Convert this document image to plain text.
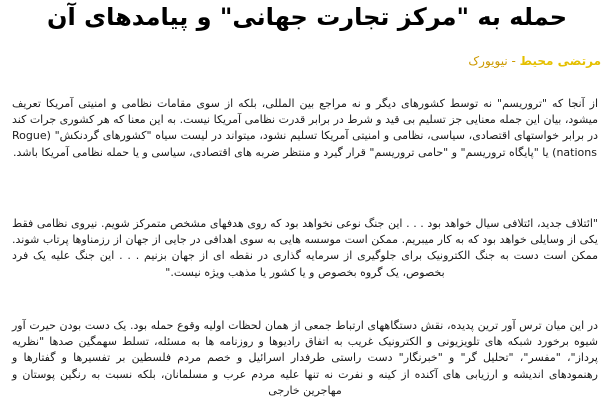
حمله به "مرکز تجارت جهانی" و پیامدهای آن
مرتضی محیط - نیویورک

از آنجا که "تروریسم" نه توسط کشورهای دیگر و نه مراجع بین المللی، بلکه از سوی مقامات نظامی و امنیتی آمریکا تعریف میشود، بیان این جمله معنایی جز تسلیم بی قید و شرط در برابر قدرت نظامی آمریکا نیست. به این معنا که هر کشوری جرات کند در برابر خواستهای اقتصادی، سیاسی، نظامی و امنیتی آمریکا تسلیم نشود، میتواند در لیست سیاه "کشورهای گردنکش" (Rogue nations) یا "پایگاه تروریسم" و "حامی تروریسم" قرار گیرد و منتظر ضربه های اقتصادی، سیاسی و یا حمله نظامی آمریکا باشد.

"ائتلاف جدید، ائتلافی سیال خواهد بود . . . این جنگ نوعی نخواهد بود که روی هدفهای مشخص متمرکز شویم. نیروی نظامی فقط یکی از وسایلی خواهد بود که به کار میبریم. ممکن است موسسه هایی به سوی اهدافی در جایی از جهان از رزمناوها پرتاب شوند. ممکن است دست به جنگ الکترونیک برای جلوگیری از سرمایه گذاری در نقطه ای از جهان بزنیم . . . این جنگ علیه یک فرد بخصوص، یک گروه بخصوص و یا کشور یا مذهب ویژه نیست."

در این میان ترس آور ترین پدیده، نقش دستگاههای ارتباط جمعی از همان لحظات اولیه وقوع حمله بود. یک دست بودن حیرت آور شیوه برخورد شبکه های تلویزیونی و الکترونیک غریب به اتفاق رادیوها و روزنامه ها به مسئله، تسلط سهمگین صدها "نظریه پرداز"، "مفسر"، "تحلیل گر" و "خبرنگار" دست راستی طرفدار اسرائیل و خصم مردم فلسطین بر تفسیرها و گفتارها و رهنمودهای اندیشه و ارزیابی های آکنده از کینه و نفرت نه تنها علیه مردم عرب و مسلمانان، بلکه نسبت به رنگین پوستان و مهاجرین خارجی
